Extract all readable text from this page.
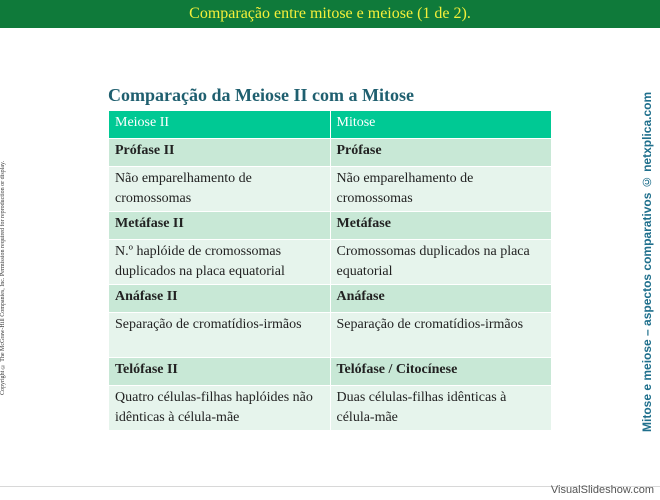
Comparação entre mitose e meiose (1 de 2).
Copyright © The McGraw-Hill Companies, Inc. Permission required for reproduction or display.
Comparação da Meiose II com a Mitose
Meiose II	Mitose
Prófase II	Prófase
Não emparelhamento de cromossomas	Não emparelhamento de cromossomas
Metáfase II	Metáfase
N.º haplóide de cromossomas duplicados na placa equatorial	Cromossomas duplicados na placa equatorial
Anáfase II	Anáfase
Separação de cromatídios-irmãos	Separação de cromatídios-irmãos
Telófase II	Telófase / Citocínese
Quatro células-filhas haplóides não idênticas à célula-mãe	Duas células-filhas idênticas à célula-mãe	Mitose e meiose – aspectos comparativos © netxplica.com
VisualSlideshow.com
